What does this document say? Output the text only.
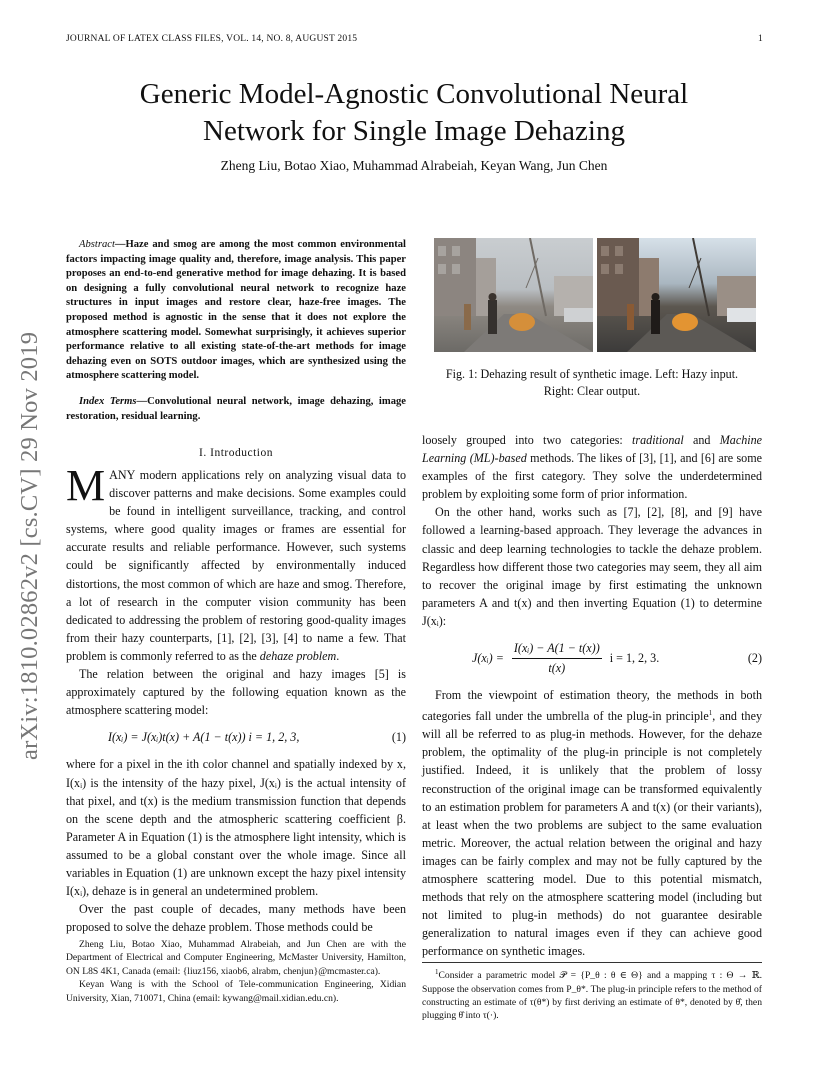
JOURNAL OF LATEX CLASS FILES, VOL. 14, NO. 8, AUGUST 2015	1
Generic Model-Agnostic Convolutional Neural
Network for Single Image Dehazing
Zheng Liu, Botao Xiao, Muhammad Alrabeiah, Keyan Wang, Jun Chen
arXiv:1810.02862v2 [cs.CV] 29 Nov 2019

Abstract—Haze and smog are among the most common environmental factors impacting image quality and, therefore, image analysis. This paper proposes an end-to-end generative method for image dehazing. It is based on designing a fully convolutional neural network to recognize haze structures in input images and restore clear, haze-free images. The proposed method is agnostic in the sense that it does not explore the atmosphere scattering model. Somewhat surprisingly, it achieves superior performance relative to all existing state-of-the-art methods for image dehazing even on SOTS outdoor images, which are synthesized using the atmosphere scattering model.

Index Terms—Convolutional neural network, image dehazing, image restoration, residual learning.

I. Introduction

MANY modern applications rely on analyzing visual data to discover patterns and make decisions. Some examples could be found in intelligent surveillance, tracking, and control systems, where good quality images or frames are essential for accurate results and reliable performance. However, such systems could be significantly affected by environmentally induced distortions, the most common of which are haze and smog. Therefore, a lot of research in the computer vision community has been dedicated to addressing the problem of restoring good-quality images from their hazy counterparts, [1], [2], [3], [4] to name a few. That problem is commonly referred to as the dehaze problem.

The relation between the original and hazy images [5] is approximately captured by the following equation known as the atmosphere scattering model:

I(xᵢ) = J(xᵢ)t(x) + A(1 − t(x)) i = 1, 2, 3,	(1)

where for a pixel in the ith color channel and spatially indexed by x, I(xᵢ) is the intensity of the hazy pixel, J(xᵢ) is the actual intensity of that pixel, and t(x) is the medium transmission function that depends on the scene depth and the atmospheric scattering coefficient β. Parameter A in Equation (1) is the atmosphere light intensity, which is assumed to be a global constant over the whole image. Since all variables in Equation (1) are unknown except the hazy pixel intensity I(xᵢ), dehaze is in general an undetermined problem.

Over the past couple of decades, many methods have been proposed to solve the dehaze problem. Those methods could be

Zheng Liu, Botao Xiao, Muhammad Alrabeiah, and Jun Chen are with the Department of Electrical and Computer Engineering, McMaster University, Hamilton, ON L8S 4K1, Canada (email: {liuz156, xiaob6, alrabm, chenjun}@mcmaster.ca).

Keyan Wang is with the School of Tele-communication Engineering, Xidian University, Xian, 710071, China (email: kywang@mail.xidian.edu.cn).

Fig. 1: Dehazing result of synthetic image. Left: Hazy input.
Right: Clear output.

loosely grouped into two categories: traditional and Machine Learning (ML)-based methods. The likes of [3], [1], and [6] are some examples of the first category. They solve the underdetermined problem by exploiting some form of prior information.

On the other hand, works such as [7], [2], [8], and [9] have followed a learning-based approach. They leverage the advances in classic and deep learning technologies to tackle the dehaze problem. Regardless how different those two categories may seem, they all aim to recover the original image by first estimating the unknown parameters A and t(x) and then inverting Equation (1) to determine J(xᵢ):

J(xᵢ) = $\frac{\text{I(xᵢ) − A(1 − t(x))}}{t(x)}$ i = 1, 2, 3.	(2)

From the viewpoint of estimation theory, the methods in both categories fall under the umbrella of the plug-in principle$^1$, and they will all be referred to as plug-in methods. However, for the dehaze problem, the optimality of the plug-in principle is not completely justified. Indeed, it is unlikely that the problem of lossy reconstruction of the original image can be transformed equivalently to an estimation problem for parameters A and t(x) (or their variants), at least when the two problems are subject to the same evaluation metric. Moreover, the actual relation between the original and hazy images can be fairly complex and may not be fully captured by the atmosphere scattering model. Due to this potential mismatch, methods that rely on the atmosphere scattering model (including but not limited to plug-in methods) do not guarantee desirable generalization to natural images even if they can achieve good performance on synthetic images.

$^1$Consider a parametric model 𝒫 = {P_θ : θ ∈ Θ} and a mapping τ : Θ → ℝ. Suppose the observation comes from P_θ*. The plug-in principle refers to the method of constructing an estimate of τ(θ*) by first deriving an estimate of θ*, denoted by θ̂, then plugging θ̂ into τ(·).
